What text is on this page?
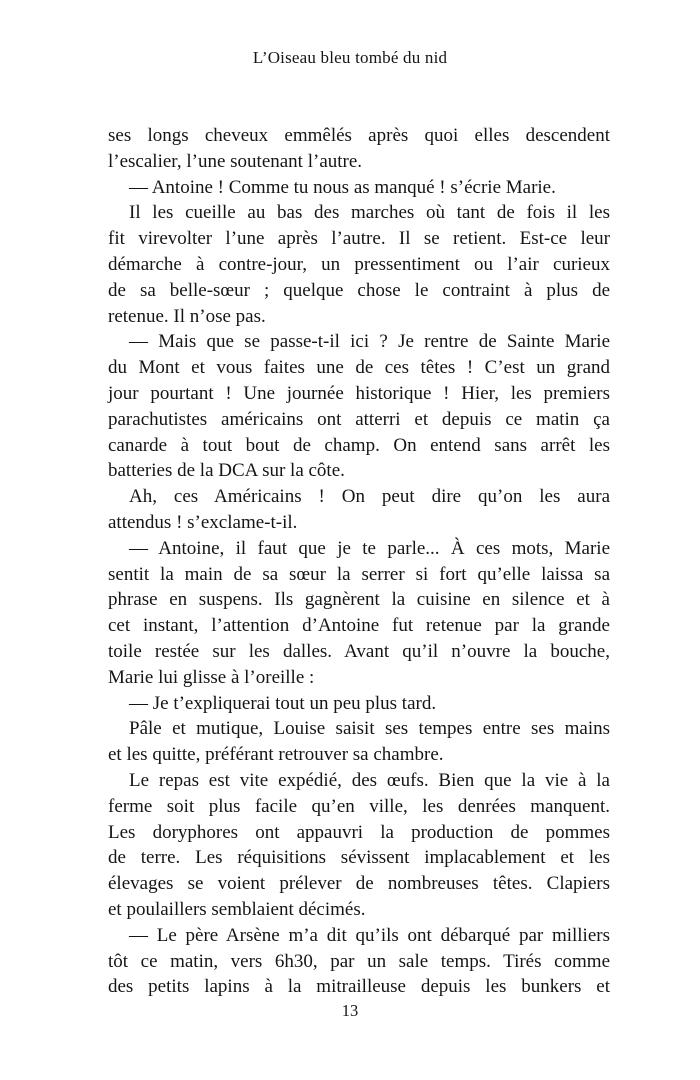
L’Oiseau bleu tombé du nid
ses longs cheveux emmêlés après quoi elles descendent
l’escalier, l’une soutenant l’autre.
— Antoine ! Comme tu nous as manqué ! s’écrie Marie.
Il les cueille au bas des marches où tant de fois il les
fit virevolter l’une après l’autre. Il se retient. Est-ce leur
démarche à contre-jour, un pressentiment ou l’air curieux
de sa belle-sœur ; quelque chose le contraint à plus de
retenue. Il n’ose pas.
— Mais que se passe-t-il ici ? Je rentre de Sainte Marie
du Mont et vous faites une de ces têtes ! C’est un grand
jour pourtant ! Une journée historique ! Hier, les premiers
parachutistes américains ont atterri et depuis ce matin ça
canarde à tout bout de champ. On entend sans arrêt les
batteries de la DCA sur la côte.
Ah, ces Américains ! On peut dire qu’on les aura
attendus ! s’exclame-t-il.
— Antoine, il faut que je te parle... À ces mots, Marie
sentit la main de sa sœur la serrer si fort qu’elle laissa sa
phrase en suspens. Ils gagnèrent la cuisine en silence et à
cet instant, l’attention d’Antoine fut retenue par la grande
toile restée sur les dalles. Avant qu’il n’ouvre la bouche,
Marie lui glisse à l’oreille :
— Je t’expliquerai tout un peu plus tard.
Pâle et mutique, Louise saisit ses tempes entre ses mains
et les quitte, préférant retrouver sa chambre.
Le repas est vite expédié, des œufs. Bien que la vie à la
ferme soit plus facile qu’en ville, les denrées manquent.
Les doryphores ont appauvri la production de pommes
de terre. Les réquisitions sévissent implacablement et les
élevages se voient prélever de nombreuses têtes. Clapiers
et poulaillers semblaient décimés.
— Le père Arsène m’a dit qu’ils ont débarqué par milliers
tôt ce matin, vers 6h30, par un sale temps. Tirés comme
des petits lapins à la mitrailleuse depuis les bunkers et
13
